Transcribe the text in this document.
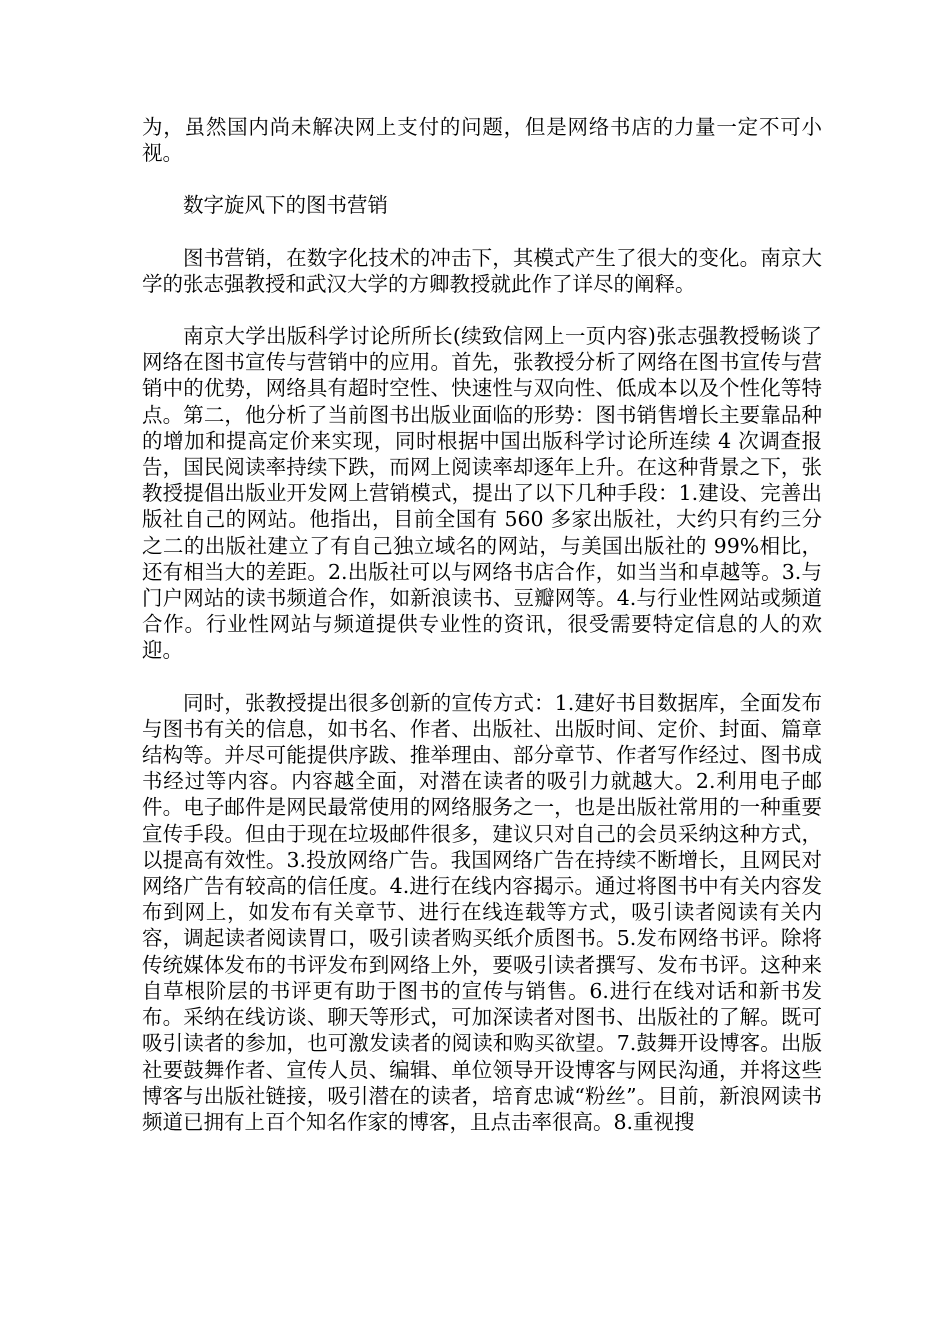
为，虽然国内尚未解决网上支付的问题，但是网络书店的力量一定不可小视。

数字旋风下的图书营销

图书营销，在数字化技术的冲击下，其模式产生了很大的变化。南京大学的张志强教授和武汉大学的方卿教授就此作了详尽的阐释。

南京大学出版科学讨论所所长(续致信网上一页内容)张志强教授畅谈了网络在图书宣传与营销中的应用。首先，张教授分析了网络在图书宣传与营销中的优势，网络具有超时空性、快速性与双向性、低成本以及个性化等特点。第二，他分析了当前图书出版业面临的形势：图书销售增长主要靠品种的增加和提高定价来实现，同时根据中国出版科学讨论所连续 4 次调查报告，国民阅读率持续下跌，而网上阅读率却逐年上升。在这种背景之下，张教授提倡出版业开发网上营销模式，提出了以下几种手段：1.建设、完善出版社自己的网站。他指出，目前全国有 560 多家出版社，大约只有约三分之二的出版社建立了有自己独立域名的网站，与美国出版社的 99%相比，还有相当大的差距。2.出版社可以与网络书店合作，如当当和卓越等。3.与门户网站的读书频道合作，如新浪读书、豆瓣网等。4.与行业性网站或频道合作。行业性网站与频道提供专业性的资讯，很受需要特定信息的人的欢迎。

同时，张教授提出很多创新的宣传方式：1.建好书目数据库，全面发布与图书有关的信息，如书名、作者、出版社、出版时间、定价、封面、篇章结构等。并尽可能提供序跋、推举理由、部分章节、作者写作经过、图书成书经过等内容。内容越全面，对潜在读者的吸引力就越大。2.利用电子邮件。电子邮件是网民最常使用的网络服务之一，也是出版社常用的一种重要宣传手段。但由于现在垃圾邮件很多，建议只对自己的会员采纳这种方式，以提高有效性。3.投放网络广告。我国网络广告在持续不断增长，且网民对网络广告有较高的信任度。4.进行在线内容揭示。通过将图书中有关内容发布到网上，如发布有关章节、进行在线连载等方式，吸引读者阅读有关内容，调起读者阅读胃口，吸引读者购买纸介质图书。5.发布网络书评。除将传统媒体发布的书评发布到网络上外，要吸引读者撰写、发布书评。这种来自草根阶层的书评更有助于图书的宣传与销售。6.进行在线对话和新书发布。采纳在线访谈、聊天等形式，可加深读者对图书、出版社的了解。既可吸引读者的参加，也可激发读者的阅读和购买欲望。7.鼓舞开设博客。出版社要鼓舞作者、宣传人员、编辑、单位领导开设博客与网民沟通，并将这些博客与出版社链接，吸引潜在的读者，培育忠诚“粉丝”。目前，新浪网读书频道已拥有上百个知名作家的博客，且点击率很高。8.重视搜
